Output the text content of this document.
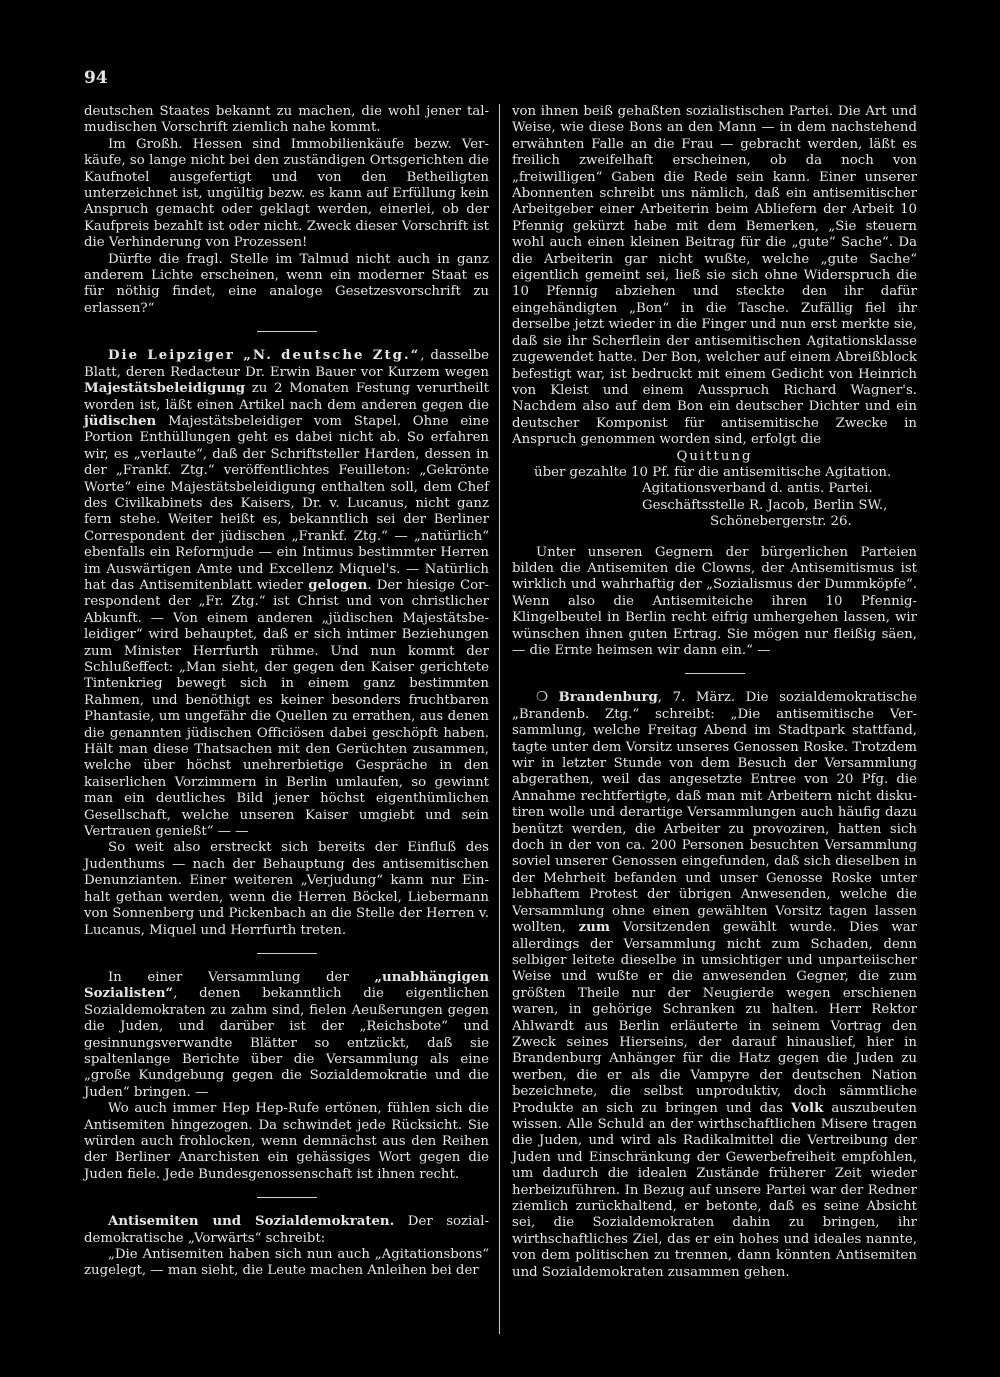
94

deutschen Staates bekannt zu machen, die wohl jener talmudischen Vorschrift ziemlich nahe kommt.

Im Großh. Hessen sind Immobilienkäufe bezw. Verkäufe, so lange nicht bei den zuständigen Ortsgerichten die Kaufnotel ausgefertigt und von den Betheiligten unterzeichnet ist, ungültig bezw. es kann auf Erfüllung kein Anspruch gemacht oder geklagt werden, einerlei, ob der Kaufpreis bezahlt ist oder nicht. Zweck dieser Vorschrift ist die Verhinderung von Prozessen!

Dürfte die fragl. Stelle im Talmud nicht auch in ganz anderem Lichte erscheinen, wenn ein moderner Staat es für nöthig findet, eine analoge Gesetzesvorschrift zu erlassen?“

Die Leipziger „N. deutsche Ztg.“, dasselbe Blatt, deren Redacteur Dr. Erwin Bauer vor Kurzem wegen Majestätsbeleidigung zu 2 Monaten Festung verurtheilt worden ist, läßt einen Artikel nach dem anderen gegen die jüdischen Majestätsbeleidiger vom Stapel. Ohne eine Portion Enthüllungen geht es dabei nicht ab. So erfahren wir, es „verlaute“, daß der Schriftsteller Harden, dessen in der „Frankf. Ztg.“ veröffentlichtes Feuilleton: „Gekrönte Worte“ eine Majestätsbeleidigung enthalten soll, dem Chef des Civilkabinets des Kaisers, Dr. v. Lucanus, nicht ganz fern stehe. Weiter heißt es, bekanntlich sei der Berliner Correspondent der jüdischen „Frankf. Ztg.“ — „natürlich“ ebenfalls ein Reformjude — ein Intimus bestimmter Herren im Auswärtigen Amte und Excellenz Miquel's. — Natürlich hat das Antisemitenblatt wieder gelogen. Der hiesige Correspondent der „Fr. Ztg.“ ist Christ und von christlicher Abkunft. — Von einem anderen „jüdischen Majestätsbeleidiger“ wird behauptet, daß er sich intimer Beziehungen zum Minister Herrfurth rühme. Und nun kommt der Schlußeffect: „Man sieht, der gegen den Kaiser gerichtete Tintenkrieg bewegt sich in einem ganz bestimmten Rahmen, und benöthigt es keiner besonders fruchtbaren Phantasie, um ungefähr die Quellen zu errathen, aus denen die genannten jüdischen Officiösen dabei geschöpft haben. Hält man diese Thatsachen mit den Gerüchten zusammen, welche über höchst unehrerbietige Gespräche in den kaiserlichen Vorzimmern in Berlin umlaufen, so gewinnt man ein deutliches Bild jener höchst eigenthümlichen Gesellschaft, welche unseren Kaiser umgiebt und sein Vertrauen genießt“ — —

So weit also erstreckt sich bereits der Einfluß des Judenthums — nach der Behauptung des antisemitischen Denunzianten. Einer weiteren „Verjudung“ kann nur Einhalt gethan werden, wenn die Herren Böckel, Liebermann von Sonnenberg und Pickenbach an die Stelle der Herren v. Lucanus, Miquel und Herrfurth treten.

In einer Versammlung der „unabhängigen Sozialisten“, denen bekanntlich die eigentlichen Sozialdemokraten zu zahm sind, fielen Aeußerungen gegen die Juden, und darüber ist der „Reichsbote“ und gesinnungsverwandte Blätter so entzückt, daß sie spaltenlange Berichte über die Versammlung als eine „große Kundgebung gegen die Sozialdemokratie und die Juden“ bringen. —

Wo auch immer Hep Hep-Rufe ertönen, fühlen sich die Antisemiten hingezogen. Da schwindet jede Rücksicht. Sie würden auch frohlocken, wenn demnächst aus den Reihen der Berliner Anarchisten ein gehässiges Wort gegen die Juden fiele. Jede Bundesgenossenschaft ist ihnen recht.

Antisemiten und Sozialdemokraten. Der sozialdemokratische „Vorwärts“ schreibt:

„Die Antisemiten haben sich nun auch „Agitationsbons“ zugelegt, — man sieht, die Leute machen Anleihen bei der

von ihnen beiß gehaßten sozialistischen Partei. Die Art und Weise, wie diese Bons an den Mann — in dem nachstehend erwähnten Falle an die Frau — gebracht werden, läßt es freilich zweifelhaft erscheinen, ob da noch von „freiwilligen“ Gaben die Rede sein kann. Einer unserer Abonnenten schreibt uns nämlich, daß ein antisemitischer Arbeitgeber einer Arbeiterin beim Abliefern der Arbeit 10 Pfennig gekürzt habe mit dem Bemerken, „Sie steuern wohl auch einen kleinen Beitrag für die „gute“ Sache“. Da die Arbeiterin gar nicht wußte, welche „gute Sache“ eigentlich gemeint sei, ließ sie sich ohne Widerspruch die 10 Pfennig abziehen und steckte den ihr dafür eingehändigten „Bon“ in die Tasche. Zufällig fiel ihr derselbe jetzt wieder in die Finger und nun erst merkte sie, daß sie ihr Scherflein der antisemitischen Agitationsklasse zugewendet hatte. Der Bon, welcher auf einem Abreißblock befestigt war, ist bedruckt mit einem Gedicht von Heinrich von Kleist und einem Ausspruch Richard Wagner's. Nachdem also auf dem Bon ein deutscher Dichter und ein deutscher Komponist für antisemitische Zwecke in Anspruch genommen worden sind, erfolgt die

Quittung

über gezahlte 10 Pf. für die antisemitische Agitation.

Agitationsverband d. antis. Partei.

Geschäftsstelle R. Jacob, Berlin SW.,

Schönebergerstr. 26.

Unter unseren Gegnern der bürgerlichen Parteien bilden die Antisemiten die Clowns, der Antisemitismus ist wirklich und wahrhaftig der „Sozialismus der Dummköpfe“. Wenn also die Antisemiteiche ihren 10 Pfennig-Klingelbeutel in Berlin recht eifrig umhergehen lassen, wir wünschen ihnen guten Ertrag. Sie mögen nur fleißig säen, — die Ernte heimsen wir dann ein.“ —

❍ Brandenburg, 7. März. Die sozialdemokratische „Brandenb. Ztg.“ schreibt: „Die antisemitische Versammlung, welche Freitag Abend im Stadtpark stattfand, tagte unter dem Vorsitz unseres Genossen Roske. Trotzdem wir in letzter Stunde von dem Besuch der Versammlung abgerathen, weil das angesetzte Entree von 20 Pfg. die Annahme rechtfertigte, daß man mit Arbeitern nicht diskutiren wolle und derartige Versammlungen auch häufig dazu benützt werden, die Arbeiter zu provoziren, hatten sich doch in der von ca. 200 Personen besuchten Versammlung soviel unserer Genossen eingefunden, daß sich dieselben in der Mehrheit befanden und unser Genosse Roske unter lebhaftem Protest der übrigen Anwesenden, welche die Versammlung ohne einen gewählten Vorsitz tagen lassen wollten, zum Vorsitzenden gewählt wurde. Dies war allerdings der Versammlung nicht zum Schaden, denn selbiger leitete dieselbe in umsichtiger und unparteiischer Weise und wußte er die anwesenden Gegner, die zum größten Theile nur der Neugierde wegen erschienen waren, in gehörige Schranken zu halten. Herr Rektor Ahlwardt aus Berlin erläuterte in seinem Vortrag den Zweck seines Hierseins, der darauf hinauslief, hier in Brandenburg Anhänger für die Hatz gegen die Juden zu werben, die er als die Vampyre der deutschen Nation bezeichnete, die selbst unproduktiv, doch sämmtliche Produkte an sich zu bringen und das Volk auszubeuten wissen. Alle Schuld an der wirthschaftlichen Misere tragen die Juden, und wird als Radikalmittel die Vertreibung der Juden und Einschränkung der Gewerbefreiheit empfohlen, um dadurch die idealen Zustände früherer Zeit wieder herbeizuführen. In Bezug auf unsere Partei war der Redner ziemlich zurückhaltend, er betonte, daß es seine Absicht sei, die Sozialdemokraten dahin zu bringen, ihr wirthschaftliches Ziel, das er ein hohes und ideales nannte, von dem politischen zu trennen, dann könnten Antisemiten und Sozialdemokraten zusammen gehen.
